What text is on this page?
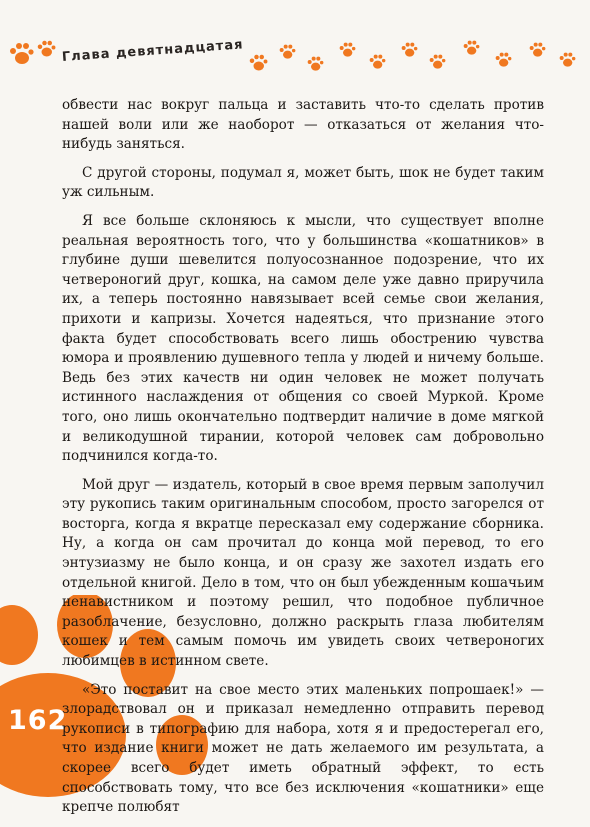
Глава девятнадцатая
162

обвести нас вокруг пальца и заставить что-то сделать против нашей воли или же наоборот — отказаться от желания что-нибудь заняться.

С другой стороны, подумал я, может быть, шок не будет таким уж сильным.

Я все больше склоняюсь к мысли, что существует вполне реальная вероятность того, что у большинства «кошатников» в глубине души шевелится полуосознанное подозрение, что их четвероногий друг, кошка, на самом деле уже давно приручила их, а теперь постоянно навязывает всей семье свои желания, прихоти и капризы. Хочется надеяться, что признание этого факта будет способствовать всего лишь обострению чувства юмора и проявлению душевного тепла у людей и ничему больше. Ведь без этих качеств ни один человек не может получать истинного наслаждения от общения со своей Муркой. Кроме того, оно лишь окончательно подтвердит наличие в доме мягкой и великодушной тирании, которой человек сам добровольно подчинился когда-то.

Мой друг — издатель, который в свое время первым заполучил эту рукопись таким оригинальным способом, просто загорелся от восторга, когда я вкратце пересказал ему содержание сборника. Ну, а когда он сам прочитал до конца мой перевод, то его энтузиазму не было конца, и он сразу же захотел издать его отдельной книгой. Дело в том, что он был убежденным кошачьим ненавистником и поэтому решил, что подобное публичное разоблачение, безусловно, должно раскрыть глаза любителям кошек и тем самым помочь им увидеть своих четвероногих любимцев в истинном свете.

«Это поставит на свое место этих маленьких попрошаек!» — злорадствовал он и приказал немедленно отправить перевод рукописи в типографию для набора, хотя я и предостерегал его, что издание книги может не дать желаемого им результата, а скорее всего будет иметь обратный эффект, то есть способствовать тому, что все без исключения «кошатники» еще крепче полюбят
